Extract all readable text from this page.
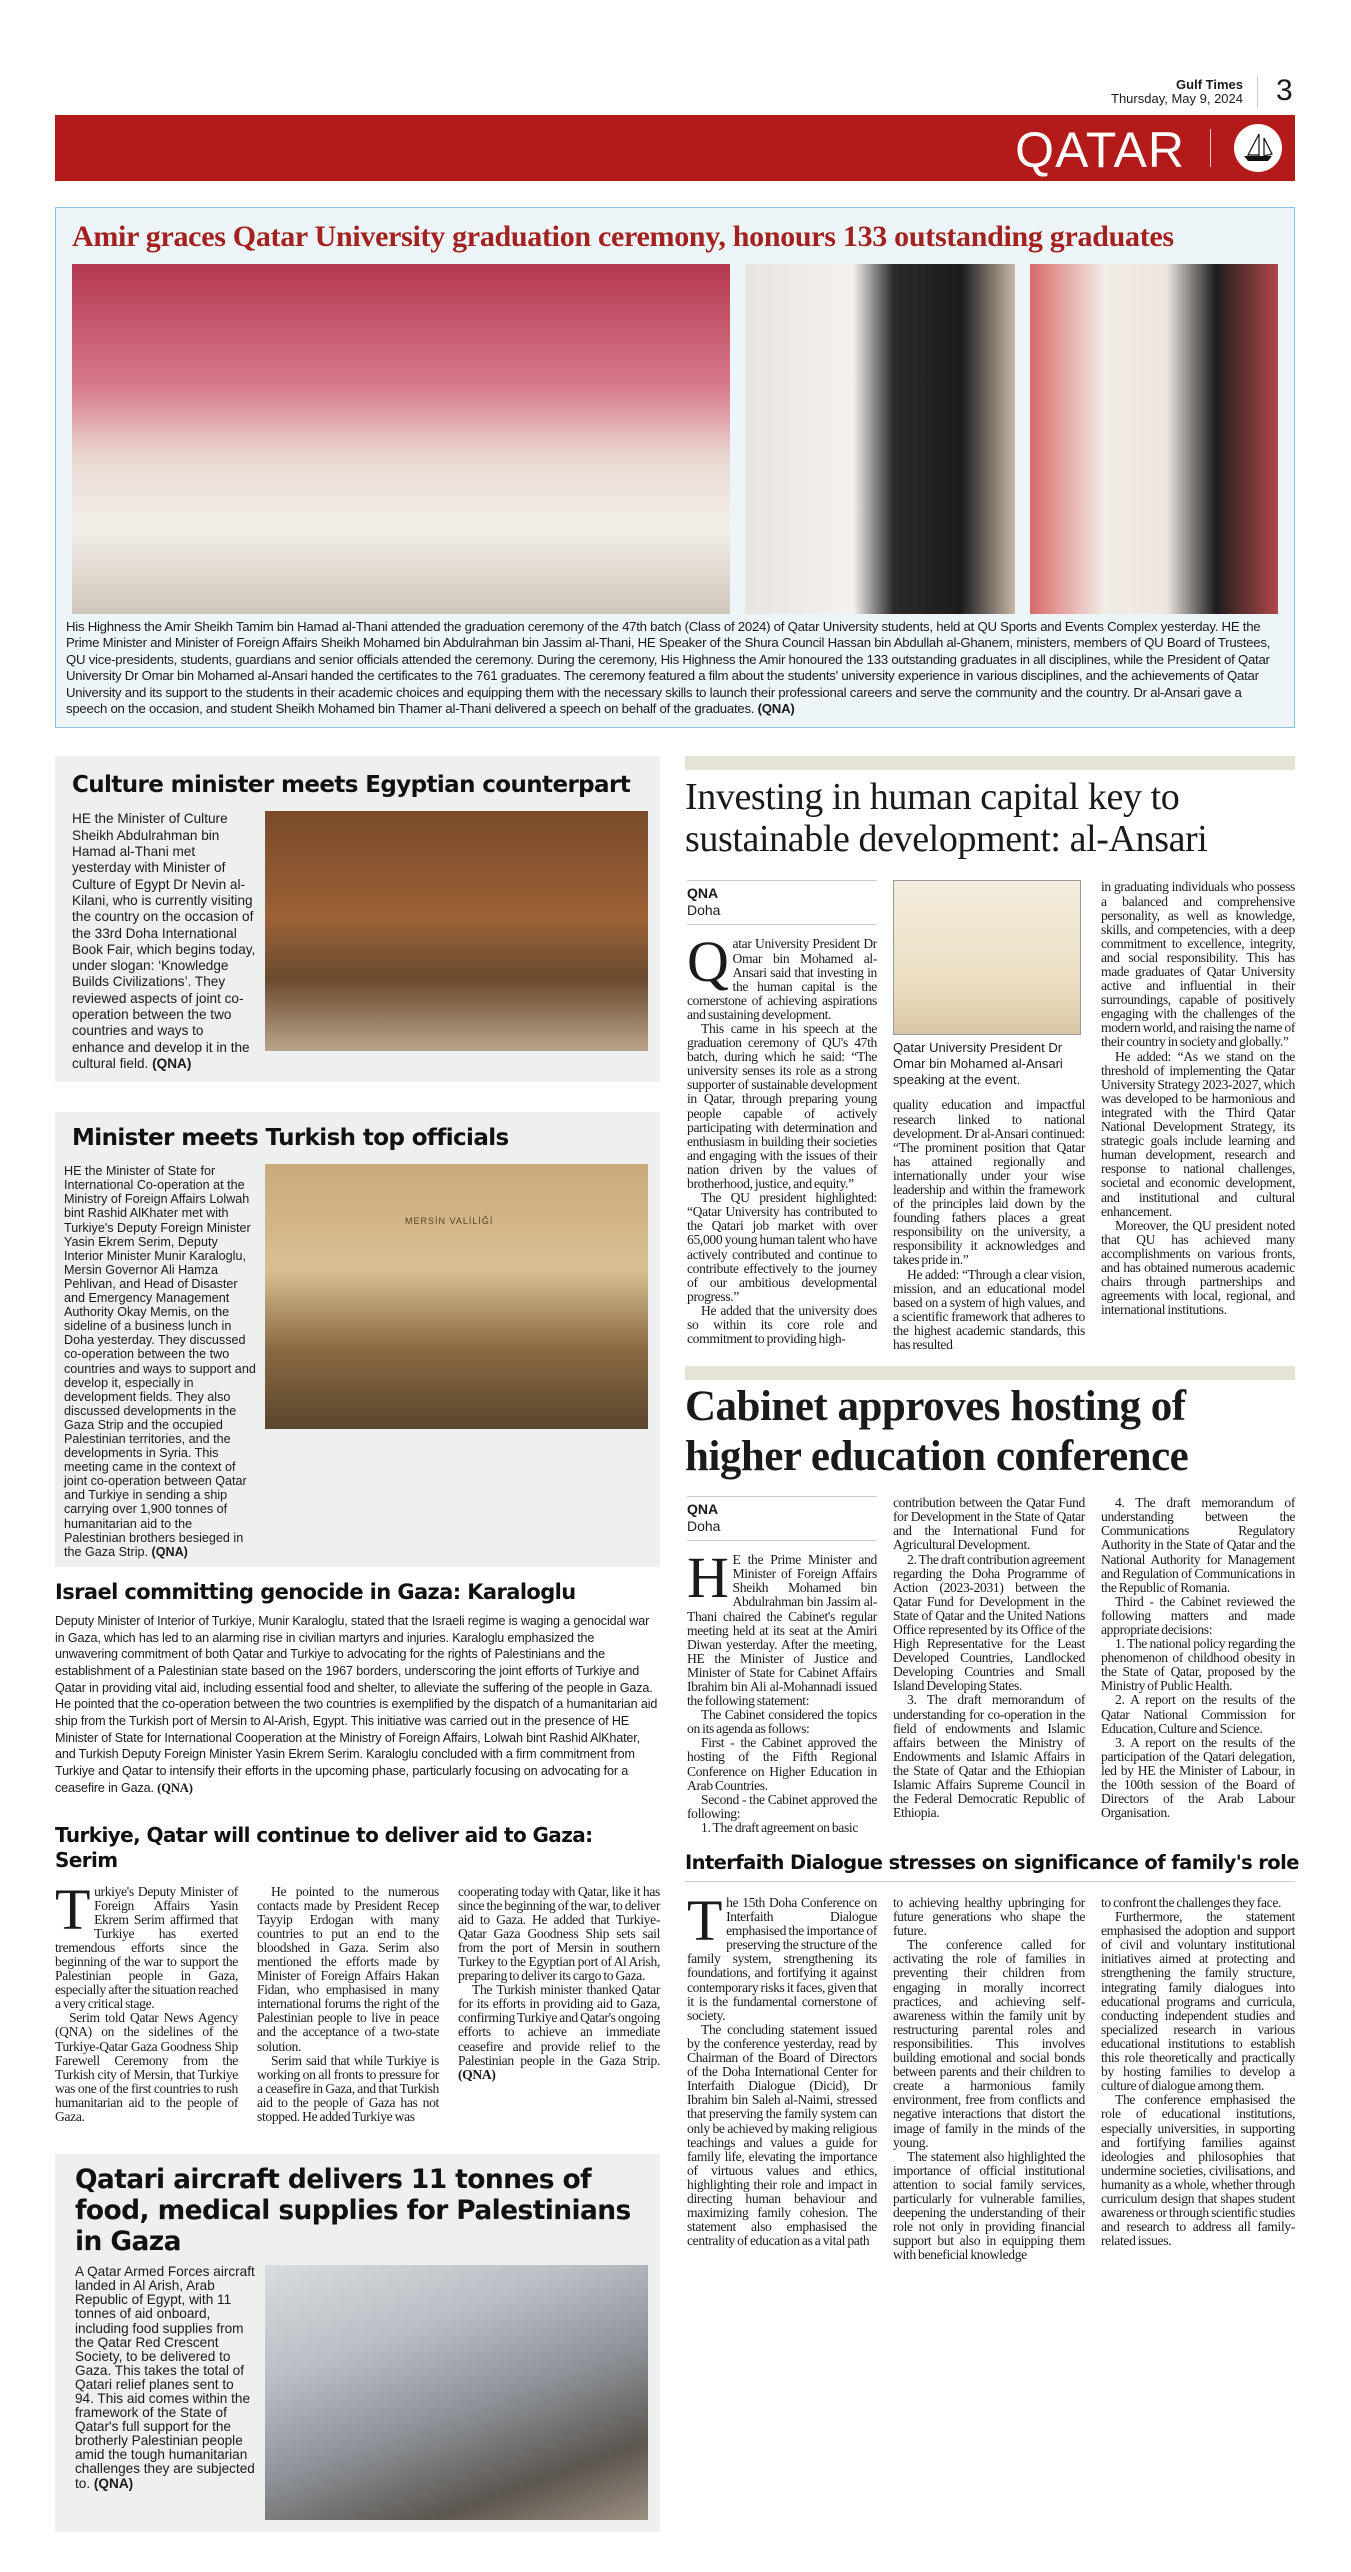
Gulf Times
Thursday, May 9, 2024 3
QATAR
Amir graces Qatar University graduation ceremony, honours 133 outstanding graduates

His Highness the Amir Sheikh Tamim bin Hamad al-Thani attended the graduation ceremony of the 47th batch (Class of 2024) of Qatar University students, held at QU Sports and Events Complex yesterday. HE the Prime Minister and Minister of Foreign Affairs Sheikh Mohamed bin Abdulrahman bin Jassim al-Thani, HE Speaker of the Shura Council Hassan bin Abdullah al-Ghanem, ministers, members of QU Board of Trustees, QU vice-presidents, students, guardians and senior officials attended the ceremony. During the ceremony, His Highness the Amir honoured the 133 outstanding graduates in all disciplines, while the President of Qatar University Dr Omar bin Mohamed al-Ansari handed the certificates to the 761 graduates. The ceremony featured a film about the students' university experience in various disciplines, and the achievements of Qatar University and its support to the students in their academic choices and equipping them with the necessary skills to launch their professional careers and serve the community and the country. Dr al-Ansari gave a speech on the occasion, and student Sheikh Mohamed bin Thamer al-Thani delivered a speech on behalf of the graduates. (QNA)

Culture minister meets Egyptian counterpart

HE the Minister of Culture Sheikh Abdulrahman bin Hamad al-Thani met yesterday with Minister of Culture of Egypt Dr Nevin al-Kilani, who is currently visiting the country on the occasion of the 33rd Doha International Book Fair, which begins today, under slogan: ‘Knowledge Builds Civilizations’. They reviewed aspects of joint co-operation between the two countries and ways to enhance and develop it in the cultural field. (QNA)

Minister meets Turkish top officials

HE the Minister of State for International Co-operation at the Ministry of Foreign Affairs Lolwah bint Rashid AlKhater met with Turkiye's Deputy Foreign Minister Yasin Ekrem Serim, Deputy Interior Minister Munir Karaloglu, Mersin Governor Ali Hamza Pehlivan, and Head of Disaster and Emergency Management Authority Okay Memis, on the sideline of a business lunch in Doha yesterday. They discussed co-operation between the two countries and ways to support and develop it, especially in development fields. They also discussed developments in the Gaza Strip and the occupied Palestinian territories, and the developments in Syria. This meeting came in the context of joint co-operation between Qatar and Turkiye in sending a ship carrying over 1,900 tonnes of humanitarian aid to the Palestinian brothers besieged in the Gaza Strip. (QNA)

MERSİN VALİLİĞİ
Israel committing genocide in Gaza: Karaloglu

Deputy Minister of Interior of Turkiye, Munir Karaloglu, stated that the Israeli regime is waging a genocidal war in Gaza, which has led to an alarming rise in civilian martyrs and injuries. Karaloglu emphasized the unwavering commitment of both Qatar and Turkiye to advocating for the rights of Palestinians and the establishment of a Palestinian state based on the 1967 borders, underscoring the joint efforts of Turkiye and Qatar in providing vital aid, including essential food and shelter, to alleviate the suffering of the people in Gaza. He pointed that the co-operation between the two countries is exemplified by the dispatch of a humanitarian aid ship from the Turkish port of Mersin to Al-Arish, Egypt. This initiative was carried out in the presence of HE Minister of State for International Cooperation at the Ministry of Foreign Affairs, Lolwah bint Rashid AlKhater, and Turkish Deputy Foreign Minister Yasin Ekrem Serim. Karaloglu concluded with a firm commitment from Turkiye and Qatar to intensify their efforts in the upcoming phase, particularly focusing on advocating for a ceasefire in Gaza. (QNA)

Turkiye, Qatar will continue to deliver aid to Gaza: Serim

Turkiye's Deputy Minister of Foreign Affairs Yasin Ekrem Serim affirmed that Turkiye has exerted tremendous efforts since the beginning of the war to support the Palestinian people in Gaza, especially after the situation reached a very critical stage.

Serim told Qatar News Agency (QNA) on the sidelines of the Turkiye-Qatar Gaza Goodness Ship Farewell Ceremony from the Turkish city of Mersin, that Turkiye was one of the first countries to rush humanitarian aid to the people of Gaza.

He pointed to the numerous contacts made by President Recep Tayyip Erdogan with many countries to put an end to the bloodshed in Gaza. Serim also mentioned the efforts made by Minister of Foreign Affairs Hakan Fidan, who emphasised in many international forums the right of the Palestinian people to live in peace and the acceptance of a two-state solution.

Serim said that while Turkiye is working on all fronts to pressure for a ceasefire in Gaza, and that Turkish aid to the people of Gaza has not stopped. He added Turkiye was

cooperating today with Qatar, like it has since the beginning of the war, to deliver aid to Gaza. He added that Turkiye-Qatar Gaza Goodness Ship sets sail from the port of Mersin in southern Turkey to the Egyptian port of Al Arish, preparing to deliver its cargo to Gaza.

The Turkish minister thanked Qatar for its efforts in providing aid to Gaza, confirming Turkiye and Qatar's ongoing efforts to achieve an immediate ceasefire and provide relief to the Palestinian people in the Gaza Strip. (QNA)

Qatari aircraft delivers 11 tonnes of food, medical supplies for Palestinians in Gaza

A Qatar Armed Forces aircraft landed in Al Arish, Arab Republic of Egypt, with 11 tonnes of aid onboard, including food supplies from the Qatar Red Crescent Society, to be delivered to Gaza. This takes the total of Qatari relief planes sent to 94. This aid comes within the framework of the State of Qatar's full support for the brotherly Palestinian people amid the tough humanitarian challenges they are subjected to. (QNA)

Investing in human capital key to sustainable development: al-Ansari
QNA
Doha

Qatar University President Dr Omar bin Mohamed al-Ansari said that investing in the human capital is the cornerstone of achieving aspirations and sustaining development.

This came in his speech at the graduation ceremony of QU's 47th batch, during which he said: “The university senses its role as a strong supporter of sustainable development in Qatar, through preparing young people capable of actively participating with determination and enthusiasm in building their societies and engaging with the issues of their nation driven by the values of brotherhood, justice, and equity.”

The QU president highlighted: “Qatar University has contributed to the Qatari job market with over 65,000 young human talent who have actively contributed and continue to contribute effectively to the journey of our ambitious developmental progress.”

He added that the university does so within its core role and commitment to providing high-

Qatar University President Dr Omar bin Mohamed al-Ansari speaking at the event.

quality education and impactful research linked to national development. Dr al-Ansari continued: “The prominent position that Qatar has attained regionally and internationally under your wise leadership and within the framework of the principles laid down by the founding fathers places a great responsibility on the university, a responsibility it acknowledges and takes pride in.”

He added: “Through a clear vision, mission, and an educational model based on a system of high values, and a scientific framework that adheres to the highest academic standards, this has resulted

in graduating individuals who possess a balanced and comprehensive personality, as well as knowledge, skills, and competencies, with a deep commitment to excellence, integrity, and social responsibility. This has made graduates of Qatar University active and influential in their surroundings, capable of positively engaging with the challenges of the modern world, and raising the name of their country in society and globally.”

He added: “As we stand on the threshold of implementing the Qatar University Strategy 2023-2027, which was developed to be harmonious and integrated with the Third Qatar National Development Strategy, its strategic goals include learning and human development, research and response to national challenges, societal and economic development, and institutional and cultural enhancement.

Moreover, the QU president noted that QU has achieved many accomplishments on various fronts, and has obtained numerous academic chairs through partnerships and agreements with local, regional, and international institutions.

Cabinet approves hosting of higher education conference
QNA
Doha

HE the Prime Minister and Minister of Foreign Affairs Sheikh Mohamed bin Abdulrahman bin Jassim al-Thani chaired the Cabinet's regular meeting held at its seat at the Amiri Diwan yesterday. After the meeting, HE the Minister of Justice and Minister of State for Cabinet Affairs Ibrahim bin Ali al-Mohannadi issued the following statement:

The Cabinet considered the topics on its agenda as follows:

First - the Cabinet approved the hosting of the Fifth Regional Conference on Higher Education in Arab Countries.

Second - the Cabinet approved the following:

1. The draft agreement on basic

contribution between the Qatar Fund for Development in the State of Qatar and the International Fund for Agricultural Development.

2. The draft contribution agreement regarding the Doha Programme of Action (2023-2031) between the Qatar Fund for Development in the State of Qatar and the United Nations Office represented by its Office of the High Representative for the Least Developed Countries, Landlocked Developing Countries and Small Island Developing States.

3. The draft memorandum of understanding for co-operation in the field of endowments and Islamic affairs between the Ministry of Endowments and Islamic Affairs in the State of Qatar and the Ethiopian Islamic Affairs Supreme Council in the Federal Democratic Republic of Ethiopia.

4. The draft memorandum of understanding between the Communications Regulatory Authority in the State of Qatar and the National Authority for Management and Regulation of Communications in the Republic of Romania.

Third - the Cabinet reviewed the following matters and made appropriate decisions:

1. The national policy regarding the phenomenon of childhood obesity in the State of Qatar, proposed by the Ministry of Public Health.

2. A report on the results of the Qatar National Commission for Education, Culture and Science.

3. A report on the results of the participation of the Qatari delegation, led by HE the Minister of Labour, in the 100th session of the Board of Directors of the Arab Labour Organisation.

Interfaith Dialogue stresses on significance of family's role

The 15th Doha Conference on Interfaith Dialogue emphasised the importance of preserving the structure of the family system, strengthening its foundations, and fortifying it against contemporary risks it faces, given that it is the fundamental cornerstone of society.

The concluding statement issued by the conference yesterday, read by Chairman of the Board of Directors of the Doha International Center for Interfaith Dialogue (Dicid), Dr Ibrahim bin Saleh al-Naimi, stressed that preserving the family system can only be achieved by making religious teachings and values a guide for family life, elevating the importance of virtuous values and ethics, highlighting their role and impact in directing human behaviour and maximizing family cohesion. The statement also emphasised the centrality of education as a vital path

to achieving healthy upbringing for future generations who shape the future.

The conference called for activating the role of families in preventing their children from engaging in morally incorrect practices, and achieving self-awareness within the family unit by restructuring parental roles and responsibilities. This involves building emotional and social bonds between parents and their children to create a harmonious family environment, free from conflicts and negative interactions that distort the image of family in the minds of the young.

The statement also highlighted the importance of official institutional attention to social family services, particularly for vulnerable families, deepening the understanding of their role not only in providing financial support but also in equipping them with beneficial knowledge

to confront the challenges they face.

Furthermore, the statement emphasised the adoption and support of civil and voluntary institutional initiatives aimed at protecting and strengthening the family structure, integrating family dialogues into educational programs and curricula, conducting independent studies and specialized research in various educational institutions to establish this role theoretically and practically by hosting families to develop a culture of dialogue among them.

The conference emphasised the role of educational institutions, especially universities, in supporting and fortifying families against ideologies and philosophies that undermine societies, civilisations, and humanity as a whole, whether through curriculum design that shapes student awareness or through scientific studies and research to address all family-related issues.
